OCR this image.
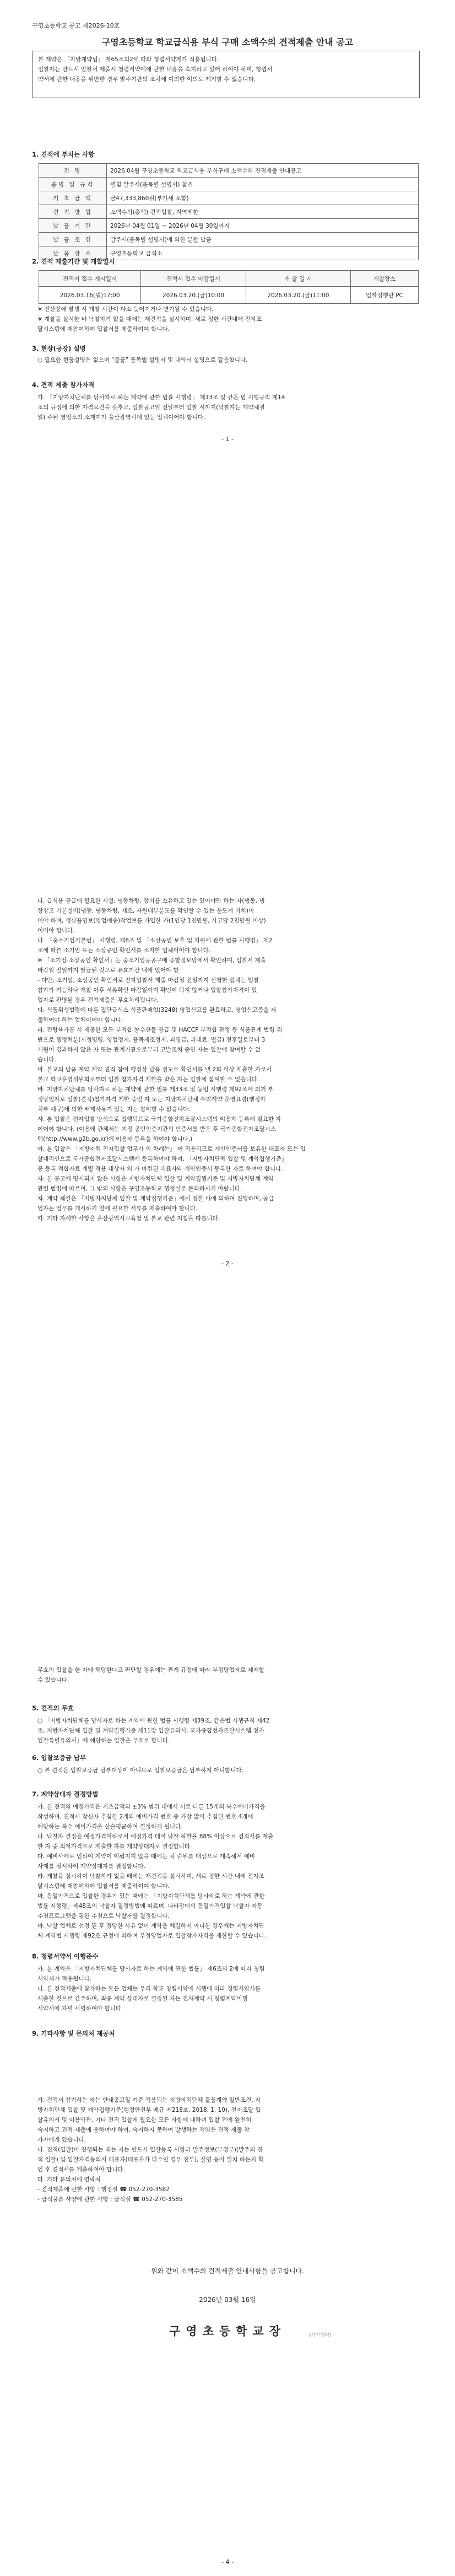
구영초등학교 공고 제2026-10호
구영초등학교 학교급식용 부식 구매 소액수의 견적제출 안내 공고
본 계약은 「지방계약법」 제65조의2에 따라 청렴서약제가 적용됩니다.
입찰자는 반드시 입찰서 제출시 청렴서약에에 관한 내용을 숙지하고 있어 하여야 하며, 청렴서
약서에 관한 내용을 위반한 경우 발주기관의 조치에 이의한 이의도 제기할 수 없습니다.
1. 견적에 부치는 사항
건 명	2026.04월 구영초등학교 학교급식용 부식구매 소액수의 견적제출 안내공고
품명 및 규격	별첨 발주서(품목별 설명서) 참조
기 초 금 액	금47,333,860원(부가세 포함)
견 적 방 법	소액수의(총액) 견적입찰, 지역제한
납 품 기 간	2026년 04월 01일 ~ 2026년 04월 30일까지
납 품 조 건	발주서(품목별 설명서)에 의한 분할 납품
납 품 장 소	구영초등학교 급식소
2. 견적 제출기간 및 개찰일시
견적서 접수 개시일시	견적서 접수 마감일시	개 찰 일 시	개찰장소
2026.03.16(월)17:00	2026.03.20.(금)10:00	2026.03.20.(금)11:00	입찰집행관 PC
※ 전산장애 발생 시 개찰 시간이 다소 늦어지거나 연기될 수 있습니다.
※ 개찰을 실시한 바 낙찰자가 없을 때에는 재견적을 실시하며, 새로 정한 시간내에 전자조
달시스템에 재참여하여 입찰서를 제출하여야 합니다.
3. 현장(공장) 설명
○ 필요한 현품설명은 없으며 “물품” 품목별 설명서 및 내역서 설명으로 갈음합니다.
4. 견적 제출 참가자격
가. 「지방자치단체를 당사자로 하는 계약에 관한 법률 시행령」 제13조 및 같은 법 시행규칙 제14
조의 규정에 의한 자격요건을 갖추고, 입찰공고일 전날부터 입찰 시까지(낙찰자는 계약체결
일) 주된 영업소의 소재지가 울산광역시에 있는 업체이어야 합니다.
- 1 -
다. 급식용 공급에 필요한 시설, 냉동차량, 장비를 소유하고 있는 있어야만 하는 자(냉동, 냉
장창고 기본설비(냉동, 냉동차량, 제조, 자원대부분도를 확인할 수 있는 운도계 비치)이
어야 하며, 생산품명보(영업배송)작업보를 가입한 자(1인당 1천만원, 사고당 2천만원 이상)
이어야 합니다.
나. 「중소기업기본법」 시행령, 제8조 및 「소상공인 보호 및 지원에 관한 법률 시행령」 제2
조에 따른 소기업 또는 소상공인 확인서를 소지한 업체이어야 합니다.
※ 「소기업·소상공인 확인서」는 중소기업공공구매 종합정보망에서 확인하며, 입찰서 제출
마감일 전일까지 발급된 것으로 유효기간 내에 있어야 함
- 다만, 소기업, 소상공인 확인서로 전자입찰서 제출 마감일 전일까지 신청한 업체는 입찰
참가가 가능하나 개찰 이후 서류확인 마감일까지 확인이 되지 않거나 입찰참가자격이 있
업자로 판명된 경우 견적제출은 무효처리됩니다.
다. 식품위생법령에 따른 집단급식소 식품판매업(3248) 영업신고를 완료하고, 영업신고증을 제
출하여야 하는 업체이어야 합니다.
라. 전량육가공 시 제공한 모든 부적합 농수산물 공급 및 HACCP 부적합 판정 등 식품관계 법령 위
반으로 행정처분(시정명령, 영업정지, 품목제조정지, 과징금, 과태료, 벌금) 전후일로부터 3
개월이 경과하지 않은 자 또는 관계기관으로부터 고발조치 중인 자는 입찰에 참여할 수 없
습니다.
마. 본교의 납품 계약 계약 견적 참여 행정상 납품 정도로 확인서를 낼 2회 이상 제출한 자로서
본교 학교운영위원회로부터 입찰 참가자격 제한을 받은 자는 입찰에 참여할 수 없습니다.
바. 지방자치단체를 당사자로 하는 계약에 관한 법률 제33조 및 동법 시행령 제92조에 의거 부
정당업자로 입찰(견적)참가자격 제한 중인 자 또는 지방자치단체 수의계약 운영요령(행정자
치부 예규)에 의한 배제사유가 있는 자는 참여할 수 없습니다.
사. 본 입찰은 전자입찰 방식으로 집행되므로 국가종합전자조달시스템의 이용자 등록에 필요한 자
이어야 합니다. (이용에 관해서는 지정 공인인증기관의 인증서를 받은 후 국가종합전자조달시스
템(http://www.g2b.go.kr)에 이용자 등록을 하여야 합니다.)
아. 본 입찰은 「지방자치 전자입찰 업무가 의 차례는」 여 적용되므로 개인인증서를 보유한 대표자 또는 입
찰대리인으로 국가종합전자조달시스템에 등록하여야 하며, 「지방자치단체 입찰 및 계약집행기준」
중 등록 적합자료 개별 적용 대상자 의 가 마련된 대표자와 개인인증서 등록한 자로 하여야 합니다.
자. 본 공고에 명시되지 않은 사항은 지방자치단체 입찰 및 계약집행기준 및 지방자치단체 계약
관련 법령에 따르며, 그 밖의 사항은 구영초등학교 행정실로 문의하시기 바랍니다.
차. 계약 체결은 「지방자치단체 입찰 및 계약집행기준」에서 정한 바에 의하여 진행하며, 공급
업자는 업무를 개시하기 전에 필요한 서류를 제출하여야 합니다.
카. 기타 자세한 사항은 울산광역시교육청 및 본교 관련 지침을 따릅니다.
- 2 -
무효의 입찰을 한 자에 해당한다고 판단할 경우에는 관계 규정에 따라 부정당업자로 제재할
수 있습니다.
5. 견적의 무효
○ 「지방자치단체를 당사자로 하는 계약에 관한 법률 시행령 제39조, 같은법 시행규칙 제42
조, 지방자치단체 입찰 및 계약집행기준 제11장 입찰유의서, 국가종합전자조달시스템 전자
입찰특별유의서」에 해당하는 입찰은 무효로 합니다.
6. 입찰보증금 납부
○ 본 견적은 입찰보증금 납부대상이 아니므로 입찰보증금은 납부하지 아니합니다.
7. 계약상대자 결정방법
가. 본 견적의 예정가격은 기초금액의 ±3% 범위 내에서 서로 다른 15개의 복수예비가격을
작성하며, 견적서 참신자 추첨한 2개의 예비가격 번호 중 가장 많이 추첨된 번호 4개에
해당하는 복수 예비가격을 산술평균하여 결정하게 됩니다.
나. 낙찰자 결정은 예정가격이하로서 예정가격 대비 낙찰 하한율 88% 이상으로 견적서를 제출
한 자 중 최저가격으로 제출한 자를 계약상대자로 결정합니다.
다. 예비사에로 인하여 계약이 이뤄지지 않을 때에는 차 순위를 대상으로 계속해서 예비
사제를 실시하여 계약상대자를 결정합니다.
라. 개찰을 실시하여 낙찰자가 없을 때에는 재견적을 실시하며, 새로 정한 시간 내에 전자조
달시스템에 재참여하여 입찰서를 제출하여야 합니다.
마. 동일가격으로 입찰한 경우가 있는 때에는 「지방자치단체를 당사자로 하는 계약에 관한
법률 시행령」제48조의 낙찰자 결정방법에 따르며, 나라장터의 동일가격입찰 낙찰자 자동
추첨프로그램을 통한 추첨으로 낙찰자를 결정합니다.
바. 낙찰 업체로 선정 된 후 정당한 사유 없이 계약을 체결하지 아니한 경우에는 지방자치단
체 계약법 시행령 제92조 규정에 의하여 부정당업자로 입찰참가자격을 제한할 수 있습니다.
8. 청렴서약서 이행준수
가. 본 계약은 「지방자치단체를 당사자로 하는 계약에 관한 법률」 제6조의 2에 따라 청렴
서약제가 적용됩니다.
나. 본 견적제출에 참가하는 모든 업체는 우리 학교 청렴서약에 시행에 따라 청렴서약서를
제출한 것으로 간주하며, 최종 계약 상대자로 결정된 자는 전자계약 시 청렴계약이행
서약서에 자필 서명하여야 합니다.
9. 기타사항 및 문의처 제공처
가. 견적서 참가하는 자는 안내공고일 기준 적용되는 지방자치단체 물품계약 일반조건, 지
방자치단체 입찰 및 계약집행기준(행정안전부 예규 제218호, 2018. 1. 10), 전자조달 입
찰유의서 및 이용약관, 기타 견적 입찰에 필요한 모든 사항에 대하여 입찰 전에 완전히
숙지하고 견적 제출에 응하여야 하며, 숙지하지 못하여 발생하는 책임은 견적 제출 참
가자에게 있습니다.
나. 견적(입찰)이 진행되는 때는 지는 반드시 입찰등록 사항과 발주정보(부정부)(발주의 견
적 입찰) 및 입찰자격동의서 대표자(대표자가 다수인 경우 전부), 실명 등이 일치 하는지 확
인 후 견적서를 제출하여야 합니다.
다. 기타 문의처에 연락처
- 견적제출에 관한 사항 : 행정실 ☎ 052-270-3582
- 급식물품 사양에 관한 사항 : 급식실 ☎ 052-270-3585
위와 같이 소액수의 견적제출 안내사항을 공고합니다.
2026년 03월 16일
구영초등학교장	(직인생략)
- 4 -
